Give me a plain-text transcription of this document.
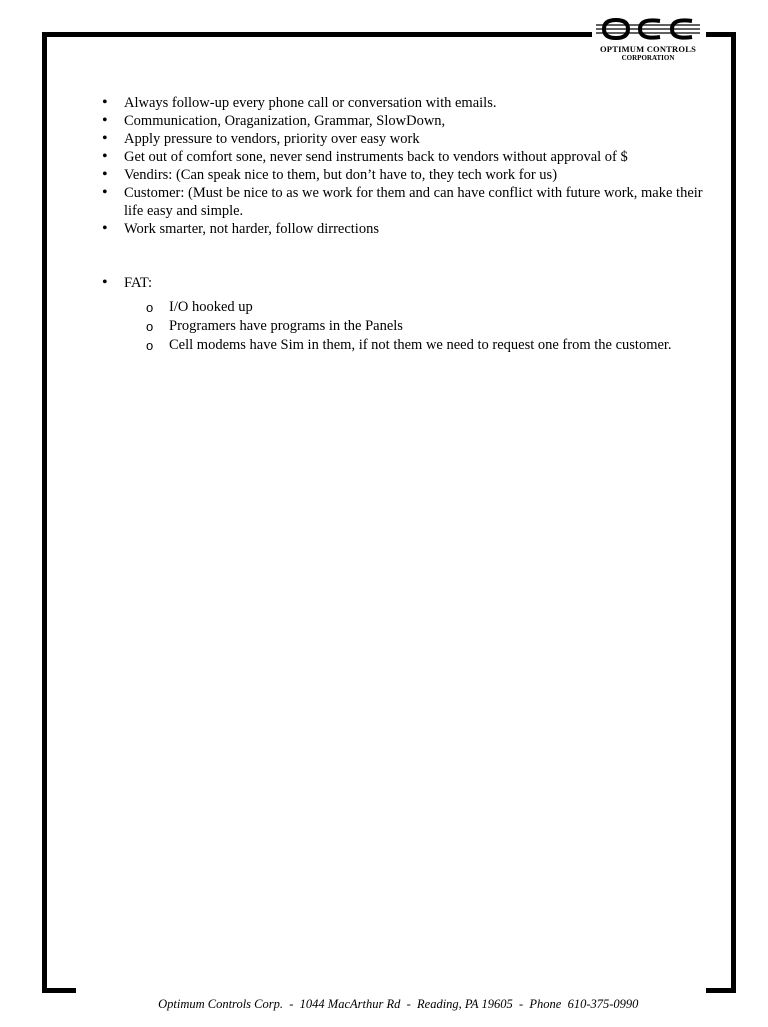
OPTIMUM CONTROLS
CORPORATION
• Always follow-up every phone call or conversation with emails.
• Communication, Oraganization, Grammar, SlowDown,
• Apply pressure to vendors, priority over easy work
• Get out of comfort sone, never send instruments back to vendors without approval of $
• Vendirs: (Can speak nice to them, but don’t have to, they tech work for us)
• Customer: (Must be nice to as we work for them and can have conflict with future work, make their life easy and simple.
• Work smarter, not harder, follow dirrections
• FAT:
o I/O hooked up
o Programers have programs in the Panels
o Cell modems have Sim in them, if not them we need to request one from the customer.

Optimum Controls Corp.  -  1044 MacArthur Rd  -  Reading, PA 19605  -  Phone  610-375-0990
